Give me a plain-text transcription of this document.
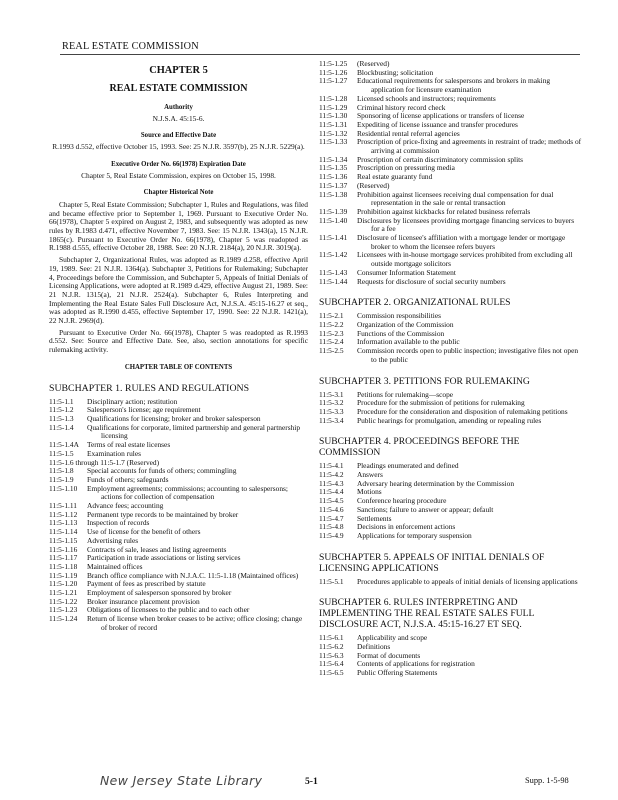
REAL ESTATE COMMISSION
CHAPTER 5
REAL ESTATE COMMISSION
Authority
N.J.S.A. 45:15-6.
Source and Effective Date
R.1993 d.552, effective October 15, 1993. See: 25 N.J.R. 3597(b), 25 N.J.R. 5229(a).
Executive Order No. 66(1978) Expiration Date
Chapter 5, Real Estate Commission, expires on October 15, 1998.
Chapter Historical Note

Chapter 5, Real Estate Commission; Subchapter 1, Rules and Regulations, was filed and became effective prior to September 1, 1969. Pursuant to Executive Order No. 66(1978), Chapter 5 expired on August 2, 1983, and subsequently was adopted as new rules by R.1983 d.471, effective November 7, 1983. See: 15 N.J.R. 1343(a), 15 N.J.R. 1865(c). Pursuant to Executive Order No. 66(1978), Chapter 5 was readopted as R.1988 d.555, effective October 28, 1988. See: 20 N.J.R. 2184(a), 20 N.J.R. 3019(a).

Subchapter 2, Organizational Rules, was adopted as R.1989 d.258, effective April 19, 1989. See: 21 N.J.R. 1364(a). Subchapter 3, Petitions for Rulemaking; Subchapter 4, Proceedings before the Commission, and Subchapter 5, Appeals of Initial Denials of Licensing Applications, were adopted at R.1989 d.429, effective August 21, 1989. See: 21 N.J.R. 1315(a), 21 N.J.R. 2524(a). Subchapter 6, Rules Interpreting and Implementing the Real Estate Sales Full Disclosure Act, N.J.S.A. 45:15-16.27 et seq., was adopted as R.1990 d.455, effective September 17, 1990. See: 22 N.J.R. 1421(a), 22 N.J.R. 2969(d).

Pursuant to Executive Order No. 66(1978), Chapter 5 was readopted as R.1993 d.552. See: Source and Effective Date. See, also, section annotations for specific rulemaking activity.

CHAPTER TABLE OF CONTENTS
SUBCHAPTER 1. RULES AND REGULATIONS
11:5-1.1	Disciplinary action; restitution
11:5-1.2	Salesperson's license; age requirement
11:5-1.3	Qualifications for licensing; broker and broker salesperson
11:5-1.4	Qualifications for corporate, limited partnership and general partnership licensing
11:5-1.4A	Terms of real estate licenses
11:5-1.5	Examination rules
11:5-1.6 through 11:5-1.7 (Reserved)
11:5-1.8	Special accounts for funds of others; commingling
11:5-1.9	Funds of others; safeguards
11:5-1.10	Employment agreements; commissions; accounting to salespersons; actions for collection of compensation
11:5-1.11	Advance fees; accounting
11:5-1.12	Permanent type records to be maintained by broker
11:5-1.13	Inspection of records
11:5-1.14	Use of license for the benefit of others
11:5-1.15	Advertising rules
11:5-1.16	Contracts of sale, leases and listing agreements
11:5-1.17	Participation in trade associations or listing services
11:5-1.18	Maintained offices
11:5-1.19	Branch office compliance with N.J.A.C. 11:5-1.18 (Maintained offices)
11:5-1.20	Payment of fees as prescribed by statute
11:5-1.21	Employment of salesperson sponsored by broker
11:5-1.22	Broker insurance placement provision
11:5-1.23	Obligations of licensees to the public and to each other
11:5-1.24	Return of license when broker ceases to be active; office closing; change of broker of record
11:5-1.25	(Reserved)
11:5-1.26	Blockbusting; solicitation
11:5-1.27	Educational requirements for salespersons and brokers in making application for licensure examination
11:5-1.28	Licensed schools and instructors; requirements
11:5-1.29	Criminal history record check
11:5-1.30	Sponsoring of license applications or transfers of license
11:5-1.31	Expediting of license issuance and transfer procedures
11:5-1.32	Residential rental referral agencies
11:5-1.33	Proscription of price-fixing and agreements in restraint of trade; methods of arriving at commission
11:5-1.34	Proscription of certain discriminatory commission splits
11:5-1.35	Proscription on pressuring media
11:5-1.36	Real estate guaranty fund
11:5-1.37	(Reserved)
11:5-1.38	Prohibition against licensees receiving dual compensation for dual representation in the sale or rental transaction
11:5-1.39	Prohibition against kickbacks for related business referrals
11:5-1.40	Disclosures by licensees providing mortgage financing services to buyers for a fee
11:5-1.41	Disclosure of licensee's affiliation with a mortgage lender or mortgage broker to whom the licensee refers buyers
11:5-1.42	Licensees with in-house mortgage services prohibited from excluding all outside mortgage solicitors
11:5-1.43	Consumer Information Statement
11:5-1.44	Requests for disclosure of social security numbers
SUBCHAPTER 2. ORGANIZATIONAL RULES
11:5-2.1	Commission responsibilities
11:5-2.2	Organization of the Commission
11:5-2.3	Functions of the Commission
11:5-2.4	Information available to the public
11:5-2.5	Commission records open to public inspection; investigative files not open to the public
SUBCHAPTER 3. PETITIONS FOR RULEMAKING
11:5-3.1	Petitions for rulemaking—scope
11:5-3.2	Procedure for the submission of petitions for rulemaking
11:5-3.3	Procedure for the consideration and disposition of rulemaking petitions
11:5-3.4	Public hearings for promulgation, amending or repealing rules
SUBCHAPTER 4. PROCEEDINGS BEFORE THE COMMISSION
11:5-4.1	Pleadings enumerated and defined
11:5-4.2	Answers
11:5-4.3	Adversary hearing determination by the Commission
11:5-4.4	Motions
11:5-4.5	Conference hearing procedure
11:5-4.6	Sanctions; failure to answer or appear; default
11:5-4.7	Settlements
11:5-4.8	Decisions in enforcement actions
11:5-4.9	Applications for temporary suspension
SUBCHAPTER 5. APPEALS OF INITIAL DENIALS OF LICENSING APPLICATIONS
11:5-5.1	Procedures applicable to appeals of initial denials of licensing applications
SUBCHAPTER 6. RULES INTERPRETING AND IMPLEMENTING THE REAL ESTATE SALES FULL DISCLOSURE ACT, N.J.S.A. 45:15-16.27 ET SEQ.
11:5-6.1	Applicability and scope
11:5-6.2	Definitions
11:5-6.3	Format of documents
11:5-6.4	Contents of applications for registration
11:5-6.5	Public Offering Statements
New Jersey State Library	5-1	Supp. 1-5-98
